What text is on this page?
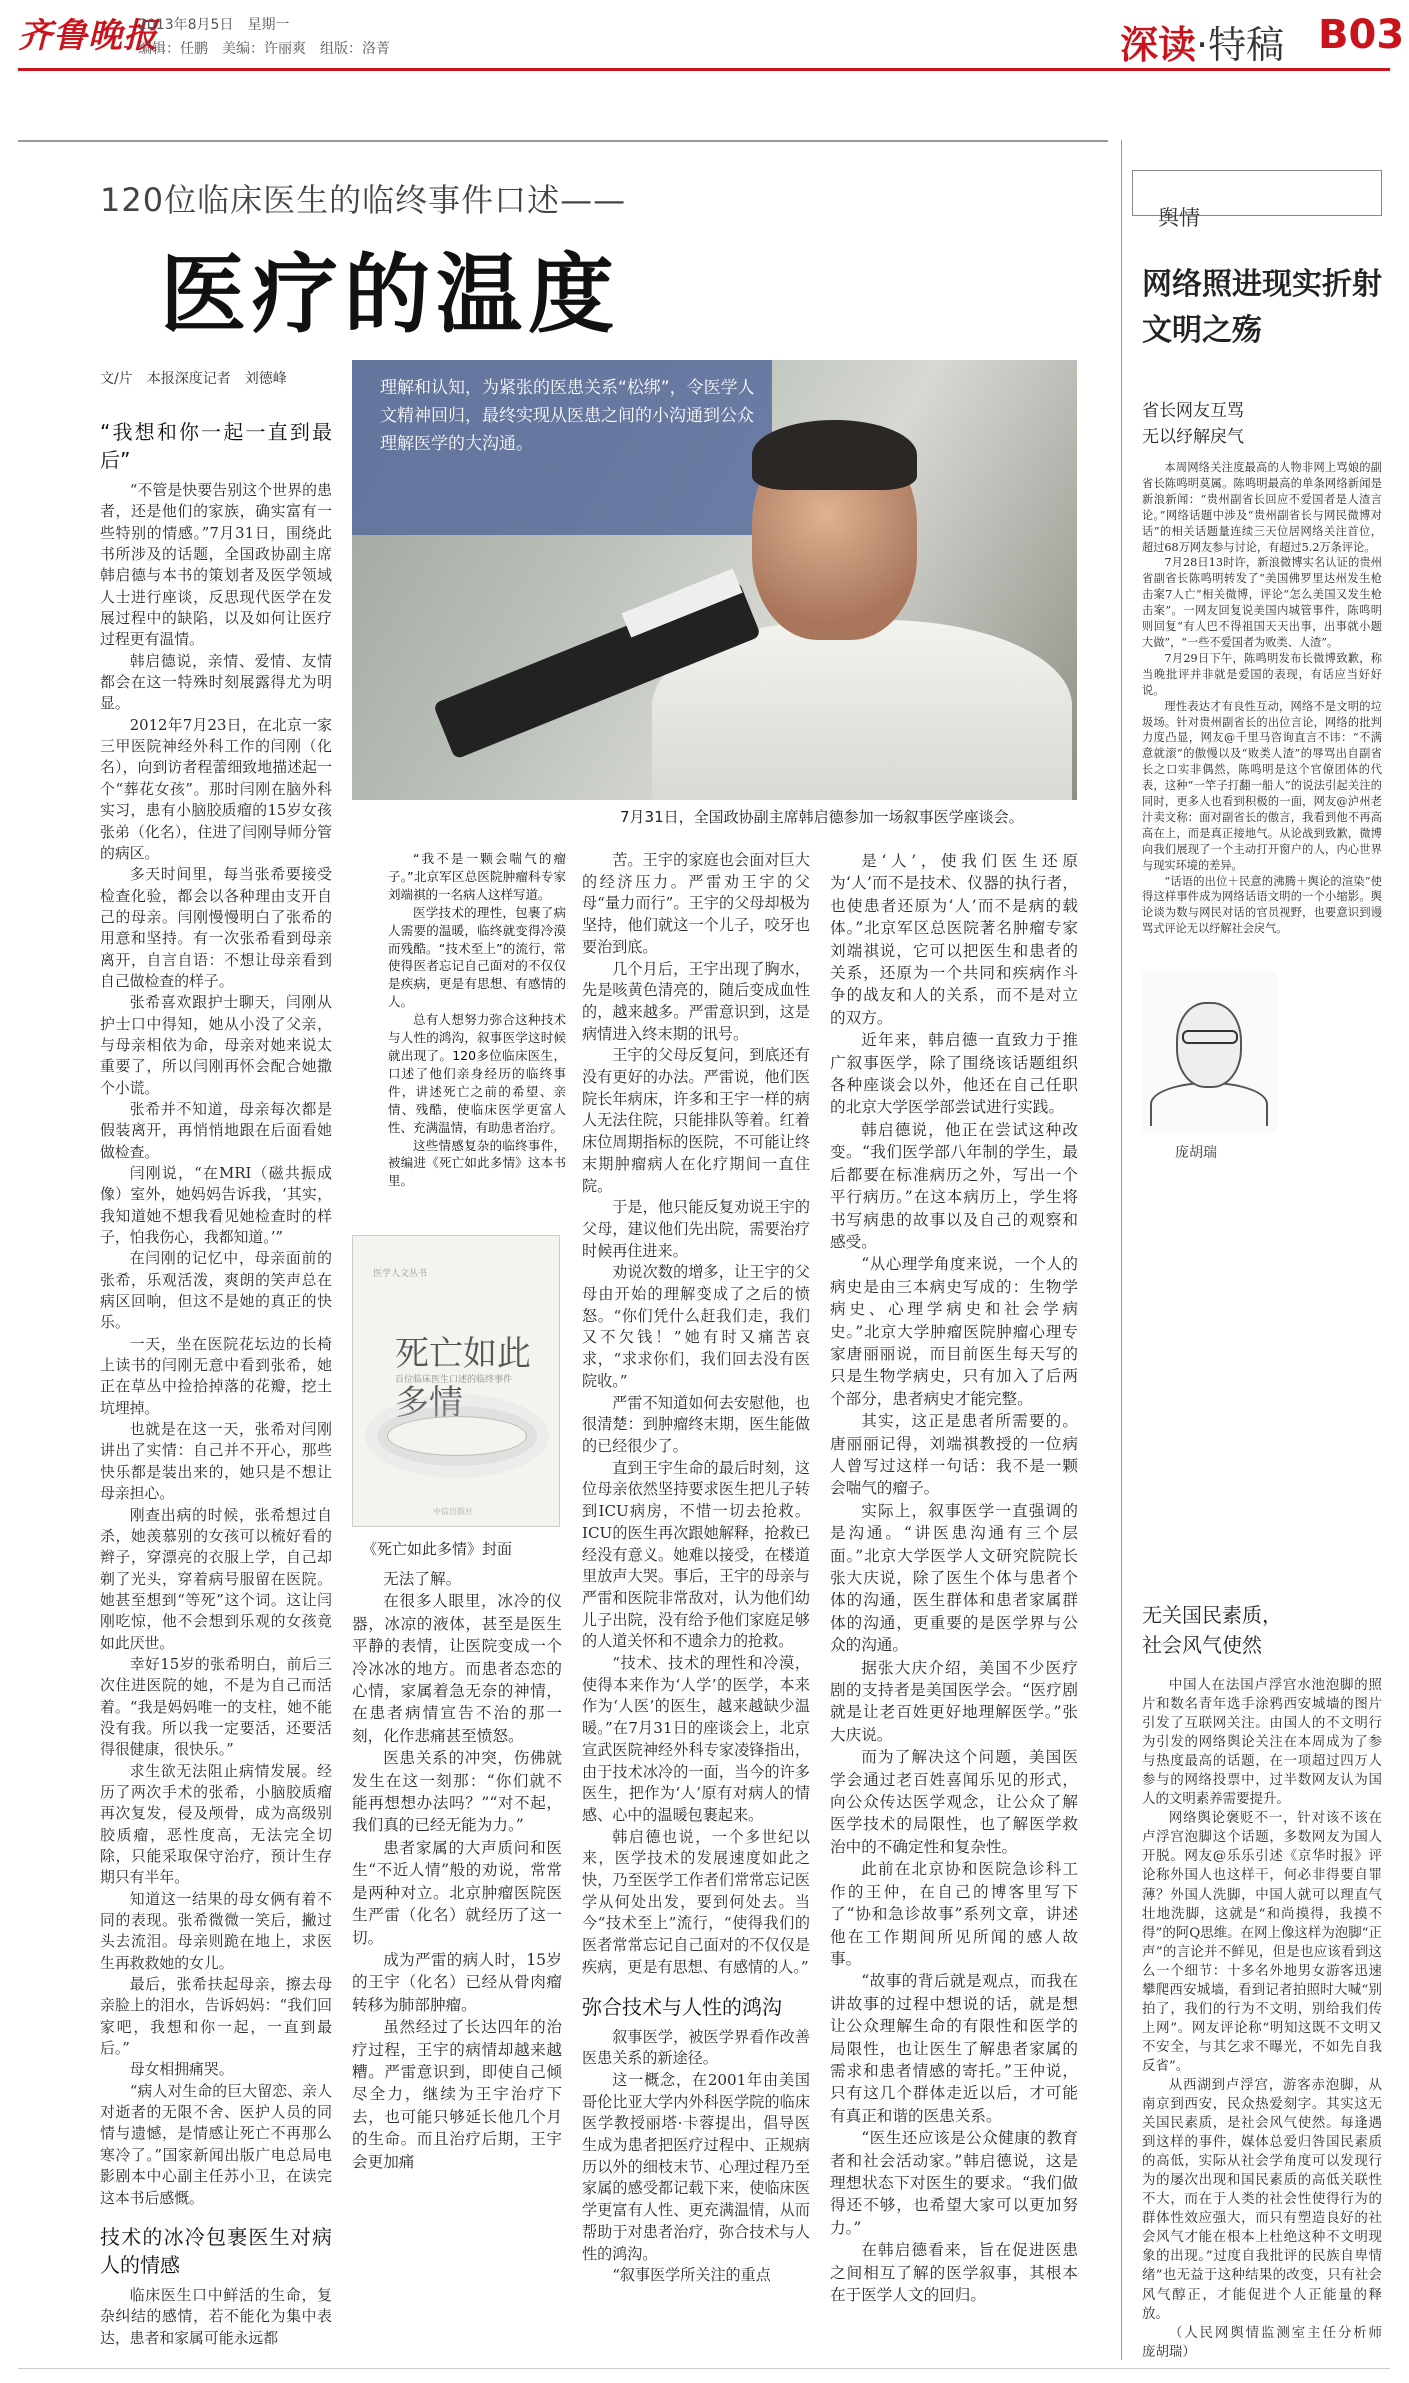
齐鲁晚报
2013年8月5日　星期一
编辑：任鹏　美编：许丽爽　组版：洛菁	深读·特稿 B03
120位临床医生的临终事件口述——
医疗的温度
文/片　本报深度记者　刘德峰	理解和认知，为紧张的医患关系“松绑”，令医学人文精神回归，最终实现从医患之间的小沟通到公众理解医学的大沟通。
7月31日，全国政协副主席韩启德参加一场叙事医学座谈会。
“我想和你一起一直到最后”

“不管是快要告别这个世界的患者，还是他们的家族，确实富有一些特别的情感。”7月31日，围绕此书所涉及的话题，全国政协副主席韩启德与本书的策划者及医学领域人士进行座谈，反思现代医学在发展过程中的缺陷，以及如何让医疗过程更有温情。

韩启德说，亲情、爱情、友情都会在这一特殊时刻展露得尤为明显。

2012年7月23日，在北京一家三甲医院神经外科工作的闫刚（化名），向到访者程蕾细致地描述起一个“葬花女孩”。那时闫刚在脑外科实习，患有小脑胶质瘤的15岁女孩张弟（化名），住进了闫刚导师分管的病区。

多天时间里，每当张希要接受检查化验，都会以各种理由支开自己的母亲。闫刚慢慢明白了张希的用意和坚持。有一次张希看到母亲离开，自言自语：不想让母亲看到自己做检查的样子。

张希喜欢跟护士聊天，闫刚从护士口中得知，她从小没了父亲，与母亲相依为命，母亲对她来说太重要了，所以闫刚再怀会配合她撒个小谎。

张希并不知道，母亲每次都是假装离开，再悄悄地跟在后面看她做检查。

闫刚说，“在MRI（磁共振成像）室外，她妈妈告诉我，‘其实，我知道她不想我看见她检查时的样子，怕我伤心，我都知道。’”

在闫刚的记忆中，母亲面前的张希，乐观活泼，爽朗的笑声总在病区回响，但这不是她的真正的快乐。

一天，坐在医院花坛边的长椅上读书的闫刚无意中看到张希，她正在草丛中捡拾掉落的花瓣，挖土坑埋掉。

也就是在这一天，张希对闫刚讲出了实情：自己并不开心，那些快乐都是装出来的，她只是不想让母亲担心。

刚查出病的时候，张希想过自杀，她羡慕别的女孩可以梳好看的辫子，穿漂亮的衣服上学，自己却剃了光头，穿着病号服留在医院。她甚至想到“等死”这个词。这让闫刚吃惊，他不会想到乐观的女孩竟如此厌世。

幸好15岁的张希明白，前后三次住进医院的她，不是为自己而活着。“我是妈妈唯一的支柱，她不能没有我。所以我一定要活，还要活得很健康，很快乐。”

求生欲无法阻止病情发展。经历了两次手术的张希，小脑胶质瘤再次复发，侵及颅骨，成为高级别胶质瘤，恶性度高，无法完全切除，只能采取保守治疗，预计生存期只有半年。

知道这一结果的母女俩有着不同的表现。张希微微一笑后，撇过头去流泪。母亲则跪在地上，求医生再救救她的女儿。

最后，张希扶起母亲，擦去母亲脸上的泪水，告诉妈妈：“我们回家吧，我想和你一起，一直到最后。”

母女相拥痛哭。

“病人对生命的巨大留恋、亲人对逝者的无限不舍、医护人员的同情与遗憾，是情感让死亡不再那么寒冷了。”国家新闻出版广电总局电影剧本中心副主任苏小卫，在读完这本书后感慨。

技术的冰冷包裹医生对病人的情感

临床医生口中鲜活的生命，复杂纠结的感情，若不能化为集中表达，患者和家属可能永远都

“我不是一颗会喘气的瘤子。”北京军区总医院肿瘤科专家刘端祺的一名病人这样写道。

医学技术的理性，包裹了病人需要的温暖，临终就变得冷漠而残酷。“技术至上”的流行，常使得医者忘记自己面对的不仅仅是疾病，更是有思想、有感情的人。

总有人想努力弥合这种技术与人性的鸿沟，叙事医学这时候就出现了。120多位临床医生，口述了他们亲身经历的临终事件，讲述死亡之前的希望、亲情、残酷，使临床医学更富人性、充满温情，有助患者治疗。

这些情感复杂的临终事件，被编进《死亡如此多情》这本书里。

医学人文丛书
死亡如此多情
百位临床医生口述的临终事件
中信出版社
《死亡如此多情》封面

无法了解。

在很多人眼里，冰冷的仪器，冰凉的液体，甚至是医生平静的表情，让医院变成一个冷冰冰的地方。而患者态恋的心情，家属着急无奈的神情，在患者病情宣告不治的那一刻，化作悲痛甚至愤怒。

医患关系的冲突，伤佛就发生在这一刻那：“你们就不能再想想办法吗？”“对不起，我们真的已经无能为力。”

患者家属的大声质问和医生“不近人情”般的劝说，常常是两种对立。北京肿瘤医院医生严雷（化名）就经历了这一切。

成为严雷的病人时，15岁的王宇（化名）已经从骨肉瘤转移为肺部肿瘤。

虽然经过了长达四年的治疗过程，王宇的病情却越来越糟。严雷意识到，即使自己倾尽全力，继续为王宇治疗下去，也可能只够延长他几个月的生命。而且治疗后期，王宇会更加痛

苦。王宇的家庭也会面对巨大的经济压力。严雷劝王宇的父母“量力而行”。王宇的父母却极为坚持，他们就这一个儿子，咬牙也要治到底。

几个月后，王宇出现了胸水，先是咳黄色清亮的，随后变成血性的，越来越多。严雷意识到，这是病情进入终末期的讯号。

王宇的父母反复问，到底还有没有更好的办法。严雷说，他们医院长年病床，许多和王宇一样的病人无法住院，只能排队等着。红着床位周期指标的医院，不可能让终末期肿瘤病人在化疗期间一直住院。

于是，他只能反复劝说王宇的父母，建议他们先出院，需要治疗时候再住进来。

劝说次数的增多，让王宇的父母由开始的理解变成了之后的愤怒。“你们凭什么赶我们走，我们又不欠钱！”她有时又痛苦哀求，“求求你们，我们回去没有医院收。”

严雷不知道如何去安慰他，也很清楚：到肿瘤终末期，医生能做的已经很少了。

直到王宇生命的最后时刻，这位母亲依然坚持要求医生把儿子转到ICU病房，不惜一切去抢救。ICU的医生再次跟她解释，抢救已经没有意义。她难以接受，在楼道里放声大哭。事后，王宇的母亲与严雷和医院非常敌对，认为他们幼儿子出院，没有给予他们家庭足够的人道关怀和不遗余力的抢救。

“技术、技术的理性和冷漠，使得本来作为‘人学’的医学，本来作为‘人医’的医生，越来越缺少温暖。”在7月31日的座谈会上，北京宣武医院神经外科专家凌锋指出，由于技术冰冷的一面，当今的许多医生，把作为‘人’原有对病人的情感、心中的温暖包裹起来。

韩启德也说，一个多世纪以来，医学技术的发展速度如此之快，乃至医学工作者们常常忘记医学从何处出发，要到何处去。当今“技术至上”流行，“使得我们的医者常常忘记自己面对的不仅仅是疾病，更是有思想、有感情的人。”

弥合技术与人性的鸿沟

叙事医学，被医学界看作改善医患关系的新途径。

这一概念，在2001年由美国哥伦比亚大学内外科医学院的临床医学教授丽塔·卡蓉提出，倡导医生成为患者把医疗过程中、正规病历以外的细枝末节、心理过程乃至家属的感受都记载下来，使临床医学更富有人性、更充满温情，从而帮助于对患者治疗，弥合技术与人性的鸿沟。

“叙事医学所关注的重点

是‘人’，使我们医生还原为‘人’而不是技术、仪器的执行者，也使患者还原为‘人’而不是病的载体。”北京军区总医院著名肿瘤专家刘端祺说，它可以把医生和患者的关系，还原为一个共同和疾病作斗争的战友和人的关系，而不是对立的双方。

近年来，韩启德一直致力于推广叙事医学，除了围绕该话题组织各种座谈会以外，他还在自己任职的北京大学医学部尝试进行实践。

韩启德说，他正在尝试这种改变。“我们医学部八年制的学生，最后都要在标准病历之外，写出一个平行病历。”在这本病历上，学生将书写病患的故事以及自己的观察和感受。

“从心理学角度来说，一个人的病史是由三本病史写成的：生物学病史、心理学病史和社会学病史。”北京大学肿瘤医院肿瘤心理专家唐丽丽说，而目前医生每天写的只是生物学病史，只有加入了后两个部分，患者病史才能完整。

其实，这正是患者所需要的。唐丽丽记得，刘端祺教授的一位病人曾写过这样一句话：我不是一颗会喘气的瘤子。

实际上，叙事医学一直强调的是沟通。“讲医患沟通有三个层面。”北京大学医学人文研究院院长张大庆说，除了医生个体与患者个体的沟通，医生群体和患者家属群体的沟通，更重要的是医学界与公众的沟通。

据张大庆介绍，美国不少医疗剧的支持者是美国医学会。“医疗剧就是让老百姓更好地理解医学。”张大庆说。

而为了解决这个问题，美国医学会通过老百姓喜闻乐见的形式，向公众传达医学观念，让公众了解医学技术的局限性，也了解医学救治中的不确定性和复杂性。

此前在北京协和医院急诊科工作的王仲，在自己的博客里写下了“协和急诊故事”系列文章，讲述他在工作期间所见所闻的感人故事。

“故事的背后就是观点，而我在讲故事的过程中想说的话，就是想让公众理解生命的有限性和医学的局限性，也让医生了解患者家属的需求和患者情感的寄托。”王仲说，只有这几个群体走近以后，才可能有真正和谐的医患关系。

“医生还应该是公众健康的教育者和社会活动家。”韩启德说，这是理想状态下对医生的要求。“我们做得还不够，也希望大家可以更加努力。”

在韩启德看来，旨在促进医患之间相互了解的医学叙事，其根本在于医学人文的回归。

舆情
网络照进现实折射文明之殇
省长网友互骂
无以纾解戾气

本周网络关注度最高的人物非网上骂娘的副省长陈鸣明莫属。陈鸣明最高的单条网络新闻是新浪新闻：“贵州副省长回应不爱国者是人渣言论。”网络话题中涉及“贵州副省长与网民微博对话”的相关话题量连续三天位居网络关注首位，超过68万网友参与讨论，有超过5.2万条评论。

7月28日13时许，新浪微博实名认证的贵州省副省长陈鸣明转发了“美国佛罗里达州发生枪击案7人亡”相关微博，评论“怎么美国又发生枪击案”。一网友回复说美国内城管事件，陈鸣明则回复“有人巴不得祖国天天出事，出事就小题大做”，“一些不爱国者为败类、人渣”。

7月29日下午，陈鸣明发布长微博致歉，称当晚批评并非就是爱国的表现，有话应当好好说。

理性表达才有良性互动，网络不是文明的垃圾场。针对贵州副省长的出位言论，网络的批判力度凸显，网友@千里马咨询直言不讳：“不满意就滚”的傲慢以及“败类人渣”的辱骂出自副省长之口实非偶然，陈鸣明是这个官僚团体的代表，这种“一竿子打翻一船人”的说法引起关注的同时，更多人也看到积极的一面，网友@泸州老汁卖文称：面对副省长的傲言，我看到他不再高高在上，而是真正接地气。从论战到致歉，微博向我们展现了一个主动打开窗户的人，内心世界与现实环境的差异。

“话语的出位＋民意的沸腾＋舆论的渲染”使得这样事件成为网络话语文明的一个小缩影。舆论谈为数与网民对话的官员视野，也要意识到谩骂式评论无以纾解社会戾气。

庞胡瑞
无关国民素质，
社会风气使然

中国人在法国卢浮宫水池泡脚的照片和数名青年选手涂鸦西安城墙的图片引发了互联网关注。由国人的不文明行为引发的网络舆论关注在本周成为了参与热度最高的话题，在一项超过四万人参与的网络投票中，过半数网友认为国人的文明素养需要提升。

网络舆论褒贬不一，针对该不该在卢浮宫泡脚这个话题，多数网友为国人开脱。网友@乐乐引述《京华时报》评论称外国人也这样干，何必非得要自罪薄？外国人洗脚，中国人就可以理直气壮地洗脚，这就是“和尚摸得，我摸不得”的阿Q思维。在网上像这样为泡脚“正声”的言论并不鲜见，但是也应该看到这么一个细节：十多名外地男女游客迅速攀爬西安城墙，看到记者拍照时大喊“别拍了，我们的行为不文明，别给我们传上网”。网友评论称“明知这既不文明又不安全，与其乞求不曝光，不如先自我反省”。

从西湖到卢浮宫，游客赤泡脚，从南京到西安，民众热爱刻字。其实这无关国民素质，是社会风气使然。每逢遇到这样的事件，媒体总爱归咎国民素质的高低，实际从社会学角度可以发现行为的屡次出现和国民素质的高低关联性不大，而在于人类的社会性使得行为的群体性效应强大，而只有塑造良好的社会风气才能在根本上杜绝这种不文明现象的出现。”过度自我批评的民族自卑情绪”也无益于这种结果的改变，只有社会风气醇正，才能促进个人正能量的释放。

（人民网舆情监测室主任分析师　庞胡瑞）
